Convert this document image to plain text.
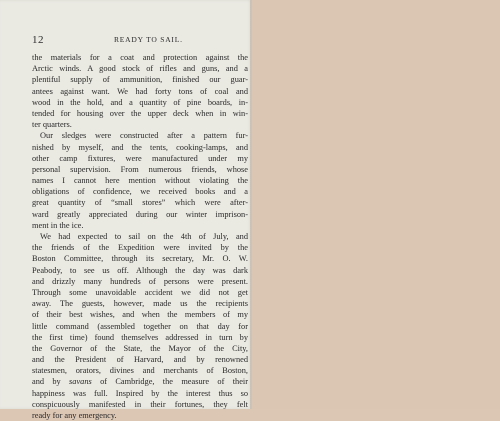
12	READY TO SAIL.
the materials for a coat and protection against the
Arctic winds. A good stock of rifles and guns, and a
plentiful supply of ammunition, finished our guar-
antees against want. We had forty tons of coal and
wood in the hold, and a quantity of pine boards, in-
tended for housing over the upper deck when in win-
ter quarters.
Our sledges were constructed after a pattern fur-
nished by myself, and the tents, cooking-lamps, and
other camp fixtures, were manufactured under my
personal supervision. From numerous friends, whose
names I cannot here mention without violating the
obligations of confidence, we received books and a
great quantity of “small stores” which were after-
ward greatly appreciated during our winter imprison-
ment in the ice.
We had expected to sail on the 4th of July, and
the friends of the Expedition were invited by the
Boston Committee, through its secretary, Mr. O. W.
Peabody, to see us off. Although the day was dark
and drizzly many hundreds of persons were present.
Through some unavoidable accident we did not get
away. The guests, however, made us the recipients
of their best wishes, and when the members of my
little command (assembled together on that day for
the first time) found themselves addressed in turn by
the Governor of the State, the Mayor of the City,
and the President of Harvard, and by renowned
statesmen, orators, divines and merchants of Boston,
and by savans of Cambridge, the measure of their
happiness was full. Inspired by the interest thus so
conspicuously manifested in their fortunes, they felt
ready for any emergency.
